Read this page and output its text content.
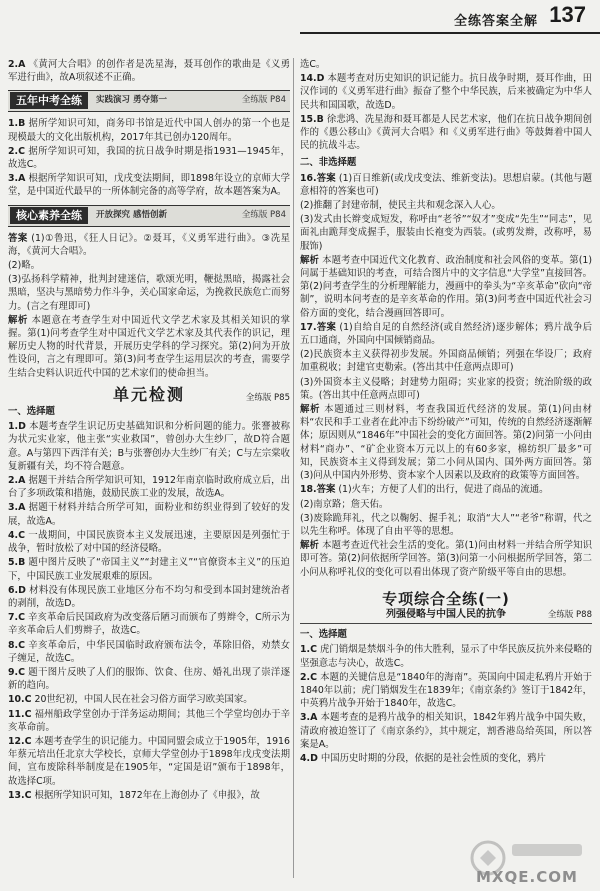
全练答案全解 137
2.A 《黄河大合唱》的创作者是冼星海，聂耳创作的歌曲是《义勇军进行曲》，故A项叙述不正确。
五年中考全练	实践演习 勇夺第一	全练版 P84
1.B 据所学知识可知，商务印书馆是近代中国人创办的第一个也是现模最大的文化出版机构，2017年其已创办120周年。
2.C 据所学知识可知，我国的抗日战争时期是指1931—1945年，故选C。
3.A 根据所学知识可知，戊戌变法期间，即1898年设立的京师大学堂，是中国近代最早的一所体制完备的高等学府，故本题答案为A。
核心素养全练	开放探究 感悟创新	全练版 P84
答案 (1)①鲁迅，《狂人日记》。②聂耳，《义勇军进行曲》。③冼星海，《黄河大合唱》。
(2)略。
(3)弘扬科学精神，批判封建迷信，歌颂光明，鞭挞黑暗，揭露社会黑暗，坚决与黑暗势力作斗争，关心国家命运，为挽救民族危亡而努力。(言之有理即可)
解析 本题意在考查学生对中国近代文学艺术家及其相关知识的掌握。第(1)问考查学生对中国近代文学艺术家及其代表作的识记，理解历史人物的时代背景，开展历史学科的学习探究。第(2)问为开放性设问，言之有理即可。第(3)问考查学生运用层次的考查，需要学生结合史料认识近代中国的艺术家们的使命担当。
单元检测	全练版 P85
一、选择题
1.D 本题考查学生识记历史基础知识和分析问题的能力。张謇被称为状元实业家，他主张“实业救国”，曾创办大生纱厂，故D符合题意。A与第四下西洋有关；B与张謇创办大生纱厂有关；C与左宗棠收复新疆有关，均不符合题意。
2.A 据题干并结合所学知识可知，1912年南京临时政府成立后，出台了多项政策和措施，鼓励民族工业的发展，故选A。
3.A 据题干材料并结合所学可知，面粉业和纺织业得到了较好的发展，故选A。
4.C 一战期间，中国民族资本主义发展迅速，主要原因是列强忙于战争，暂时放松了对中国的经济侵略。
5.B 题中图片反映了“帝国主义”“封建主义”“官僚资本主义”的压迫下，中国民族工业发展艰难的原因。
6.D 材料没有体现民族工业地区分布不均匀和受到本国封建统治者的剥削，故选D。
7.C 辛亥革命后民国政府为改变落后陋习而颁布了剪辫令，C所示为辛亥革命后人们剪辫子，故选C。
8.C 辛亥革命后，中华民国临时政府颁布法令，革除旧俗，劝禁女子缠足，故选C。
9.C 题干图片反映了人们的服饰、饮食、住房、婚礼出现了崇洋逐新的趋向。
10.C 20世纪初，中国人民在社会习俗方面学习欧美国家。
11.C 福州船政学堂创办于洋务运动期间；其他三个学堂均创办于辛亥革命前。
12.C 本题考查学生的识记能力。中国同盟会成立于1905年，1916年蔡元培出任北京大学校长，京师大学堂创办于1898年戊戌变法期间，宣布废除科举制度是在1905年，“定国是诏”颁布于1898年，故选择C项。
13.C 根据所学知识可知，1872年在上海创办了《申报》，故
选C。
14.D 本题考查对历史知识的识记能力。抗日战争时期，聂耳作曲，田汉作词的《义勇军进行曲》振奋了整个中华民族，后来被确定为中华人民共和国国歌，故选D。
15.B 徐悲鸿、冼星海和聂耳都是人民艺术家，他们在抗日战争期间创作的《愚公移山》《黄河大合唱》和《义勇军进行曲》等鼓舞着中国人民的抗战斗志。
二、非选择题
16.答案 (1)百日维新(或戊戌变法、维新变法)。思想启蒙。(其他与题意相符的答案也可)
(2)推翻了封建帝制，使民主共和观念深入人心。
(3)发式由长辫变成短发，称呼由“老爷”“奴才”变成“先生”“同志”，见面礼由跪拜变成握手，服装由长袍变为西装。(或剪发辫，改称呼，易服饰)
解析 本题考查中国近代文化教育、政治制度和社会风俗的变革。第(1)问属于基础知识的考查，可结合图片中的文字信息“大学堂”直接回答。第(2)问考查学生的分析理解能力，漫画中的拳头为“辛亥革命”砍向“帝制”，说明本问考查的是辛亥革命的作用。第(3)问考查中国近代社会习俗方面的变化，结合漫画回答即可。
17.答案 (1)自给自足的自然经济(或自然经济)逐步解体；鸦片战争后五口通商，外国向中国倾销商品。
(2)民族资本主义获得初步发展。外国商品倾销；列强在华设厂；政府加重税收；封建官吏勒索。(答出其中任意两点即可)
(3)外国资本主义侵略；封建势力阻碍；实业家的投资；统治阶级的政策。(答出其中任意两点即可)
解析 本题通过三则材料，考查我国近代经济的发展。第(1)问由材料“农民和手工业者在此冲击下纷纷破产”可知，传统的自然经济逐渐解体；原因则从“1846年”中国社会的变化方面回答。第(2)问第一小问由材料“商办”、“矿企业资本万元以上的有60多家，棉纺织厂最多”可知，民族资本主义得到发展；第二小问从国内、国外两方面回答。第(3)问从中国内外形势、资本家个人因素以及政府的政策等方面回答。
18.答案 (1)火车；方便了人们的出行，促进了商品的流通。
(2)南京路；詹天佑。
(3)废除跪拜礼，代之以鞠躬、握手礼；取消“大人”“老爷”称谓，代之以先生称呼。体现了自由平等的思想。
解析 本题考查近代社会生活的变化。第(1)问由材料一并结合所学知识即可答。第(2)问依据所学回答。第(3)问第一小问根据所学回答，第二小问从称呼礼仪的变化可以看出体现了资产阶级平等自由的思想。
专项综合全练(一)
列强侵略与中国人民的抗争	全练版 P88
一、选择题
1.C 虎门销烟是禁烟斗争的伟大胜利，显示了中华民族反抗外来侵略的坚强意志与决心，故选C。
2.C 本题的关键信息是“1840年的海南”。英国向中国走私鸦片开始于1840年以前；虎门销烟发生在1839年；《南京条约》签订于1842年，中英鸦片战争开始于1840年，故选C。
3.A 本题考查的是鸦片战争的相关知识，1842年鸦片战争中国失败，清政府被迫签订了《南京条约》，其中规定，割香港岛给英国，所以答案是A。
4.D 中国历史时期的分段，依据的是社会性质的变化，鸦片
MXQE.COM
